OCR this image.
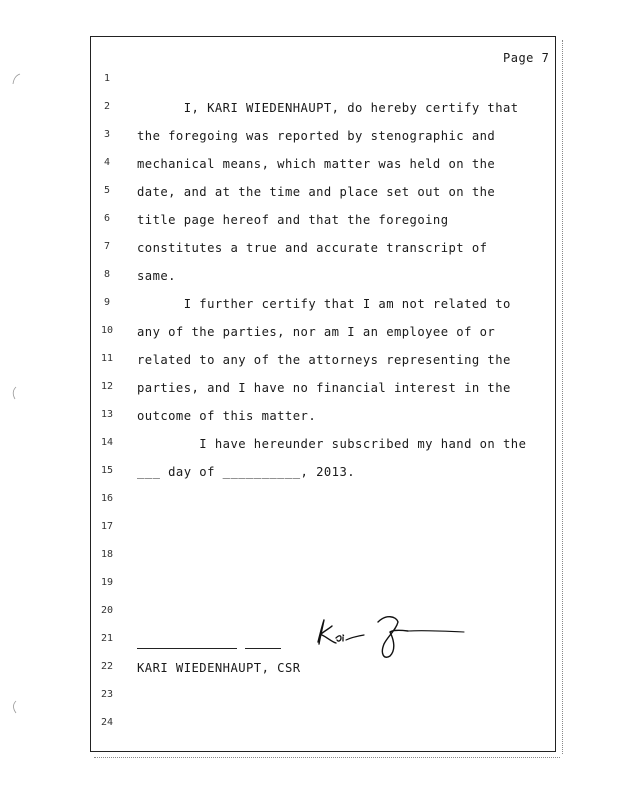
Page 7
1
2
3
4
5
6
7
8
9
10
11
12
13
14
15
16
17
18
19
20
21
22
23
24
I, KARI WIEDENHAUPT, do hereby certify that
the foregoing was reported by stenographic and
mechanical means, which matter was held on the
date, and at the time and place set out on the
title page hereof and that the foregoing
constitutes a true and accurate transcript of
same.
I further certify that I am not related to
any of the parties, nor am I an employee of or
related to any of the attorneys representing the
parties, and I have no financial interest in the
outcome of this matter.
I have hereunder subscribed my hand on the
___ day of __________, 2013.
KARI WIEDENHAUPT, CSR
